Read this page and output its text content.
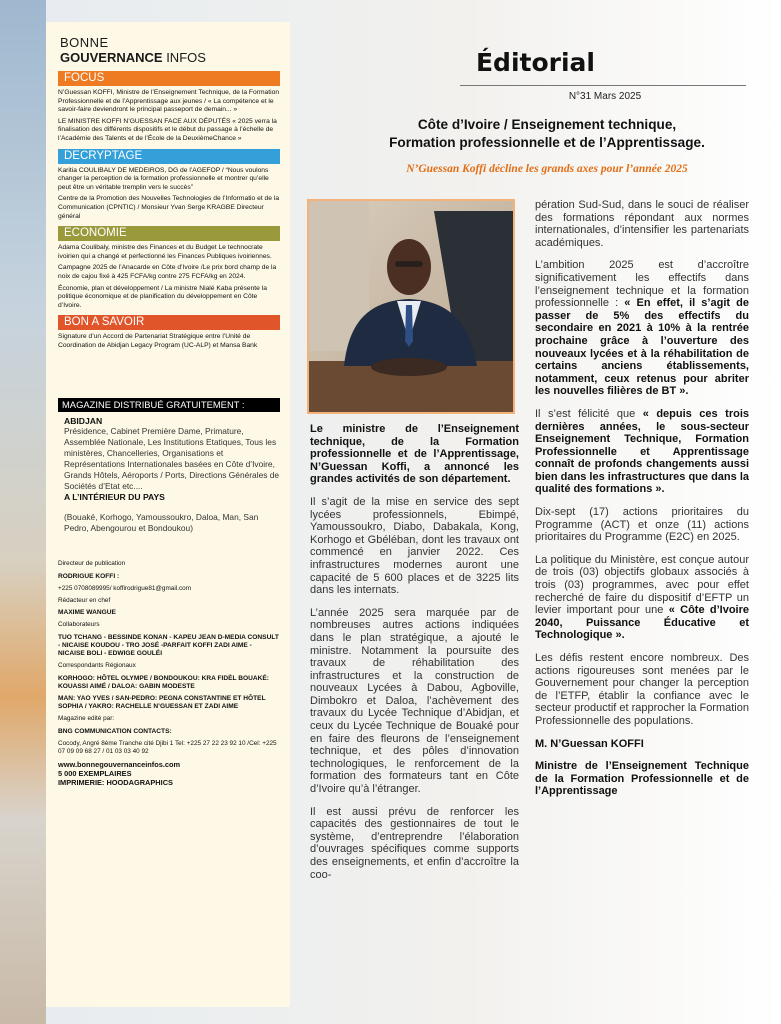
BONNE
GOUVERNANCE INFOS
FOCUS
N’Guessan KOFFI, Ministre de l’Enseignement Technique, de la Formation Professionnelle et de l’Apprentissage aux jeunes / « La compétence et le savoir-faire deviendront le principal passeport de demain... »
LE MINISTRE KOFFI N’GUESSAN FACE AUX DÉPUTÉS « 2025 verra la finalisation des différents dispositifs et le début du passage à l’échelle de l’Académie des Talents et de l’École de la DeuxièmeChance »
DECRYPTAGE
Karitia COULIBALY DE MEDEIROS, DG de l’AGEFOP / “Nous voulons changer la perception de la formation professionnelle et montrer qu’elle peut être un véritable tremplin vers le succès”
Centre de la Promotion des Nouvelles Technologies de l’Informatio et de la Communication (CPNTIC) / Monsieur Yvan Serge KRAGBE Directeur général
ECONOMIE
Adama Coulibaly, ministre des Finances et du Budget Le technocrate ivoirien qui a changé et perfectionné les Finances Publiques ivoiriennes.
Campagne 2025 de l’Anacarde en Côte d’Ivoire /Le prix bord champ de la noix de cajou fixé à 425 FCFA/kg contre 275 FCFA/kg en 2024.
Économie, plan et développement / La ministre Nialé Kaba présente la politique économique et de planification du développement en Côte d’Ivoire.
BON A SAVOIR
Signature d’un Accord de Partenariat Stratégique entre l’Unité de Coordination de Abidjan Legacy Program (UC-ALP) et Mansa Bank
MAGAZINE DISTRIBUÉ GRATUITEMENT :
ABIDJAN
Présidence, Cabinet Première Dame, Primature, Assemblée Nationale, Les Institutions Etatiques, Tous les ministères, Chancelleries, Organisations et Représentations Internationales basées en Côte d’Ivoire, Grands Hôtels, Aéroports / Ports, Directions Générales de Sociétés d’Etat etc....
A L’INTÉRIEUR DU PAYS
(Bouaké, Korhogo, Yamoussoukro, Daloa, Man, San Pedro, Abengourou et Bondoukou)
Directeur de publication
RODRIGUE KOFFI :
+225 0708089995/ koffirodrigue81@gmail.com
Rédacteur en chef
MAXIME WANGUE
Collaborateurs
TUO TCHANG - BESSINDE KONAN - KAPEU JEAN D-MEDIA CONSULT - NICAISE KOUDOU - TRO JOSÉ -PARFAIT KOFFI ZADI AIME - NICAISE BOLI - EDWIGE GOULÉI
Correspondants Régionaux
KORHOGO: HÔTEL OLYMPE / BONDOUKOU: KRA FIDÈL BOUAKÉ: KOUASSI AIMÉ / DALOA: GABIN MODESTE
MAN: YAO YVES / SAN-PEDRO: PEGNA CONSTANTINE ET HÔTEL SOPHIA / YAKRO: RACHELLE N’GUESSAN ET ZADI AIME
Magazine edité par:
BNG COMMUNICATION CONTACTS:
Cocody, Angré 8ème Tranche cité Djibi 1 Tel: +225 27 22 23 92 10 /Cel: +225 07 09 09 68 27 / 01 03 03 40 92
www.bonnegouvernanceinfos.com
5 000 EXEMPLAIRES
IMPRIMERIE: HOODAGRAPHICS
Éditorial
N°31 Mars 2025
Côte d’Ivoire / Enseignement technique,
Formation professionnelle et de l’Apprentissage.
N’Guessan Koffi décline les grands axes pour l’année 2025

Le ministre de l’Enseignement technique, de la Formation professionnelle et de l’Apprentissage, N’Guessan Koffi, a annoncé les grandes activités de son département.

Il s’agit de la mise en service des sept lycées professionnels, Ebimpé, Yamoussoukro, Diabo, Dabakala, Kong, Korhogo et Gbéléban, dont les travaux ont commencé en janvier 2022. Ces infrastructures modernes auront une capacité de 5 600 places et de 3225 lits dans les internats.

L’année 2025 sera marquée par de nombreuses autres actions indiquées dans le plan stratégique, a ajouté le ministre. Notamment la poursuite des travaux de réhabilitation des infrastructures et la construction de nouveaux Lycées à Dabou, Agboville, Dimbokro et Daloa, l’achèvement des travaux du Lycée Technique d’Abidjan, et ceux du Lycée Technique de Bouaké pour en faire des fleurons de l’enseignement technique, et des pôles d’innovation technologiques, le renforcement de la formation des formateurs tant en Côte d’Ivoire qu’à l’étranger.

Il est aussi prévu de renforcer les capacités des gestionnaires de tout le système, d’entreprendre l’élaboration d’ouvrages spécifiques comme supports des enseignements, et enfin d’accroître la coo-

pération Sud-Sud, dans le souci de réaliser des formations répondant aux normes internationales, d’intensifier les partenariats académiques.

L’ambition 2025 est d’accroître significativement les effectifs dans l’enseignement technique et la formation professionnelle : « En effet, il s’agit de passer de 5% des effectifs du secondaire en 2021 à 10% à la rentrée prochaine grâce à l’ouverture des nouveaux lycées et à la réhabilitation de certains anciens établissements, notamment, ceux retenus pour abriter les nouvelles filières de BT ».

Il s’est félicité que « depuis ces trois dernières années, le sous-secteur Enseignement Technique, Formation Professionnelle et Apprentissage connaît de profonds changements aussi bien dans les infrastructures que dans la qualité des formations ».

Dix-sept (17) actions prioritaires du Programme (ACT) et onze (11) actions prioritaires du Programme (E2C) en 2025.

La politique du Ministère, est conçue autour de trois (03) objectifs globaux associés à trois (03) programmes, avec pour effet recherché de faire du dispositif d’EFTP un levier important pour une « Côte d’Ivoire 2040, Puissance Éducative et Technologique ».

Les défis restent encore nombreux. Des actions rigoureuses sont menées par le Gouvernement pour changer la perception de l’ETFP, établir la confiance avec le secteur productif et rapprocher la Formation Professionnelle des populations.

M. N’Guessan KOFFI

Ministre de l’Enseignement Technique de la Formation Professionnelle et de l’Apprentissage
